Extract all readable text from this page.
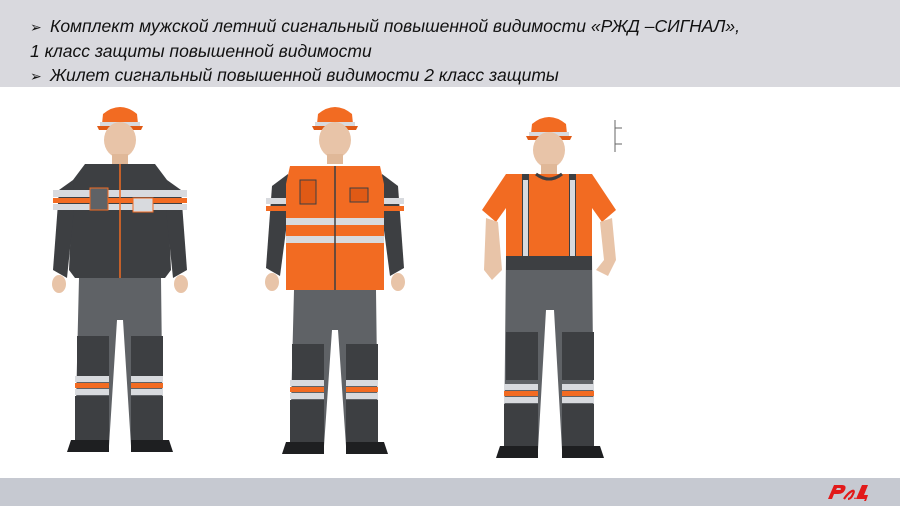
➢ Комплект мужской летний сигнальный повышенной видимости «РЖД –СИГНАЛ»,
1 класс защиты повышенной видимости
➢ Жилет сигнальный повышенной видимости 2 класс защиты
